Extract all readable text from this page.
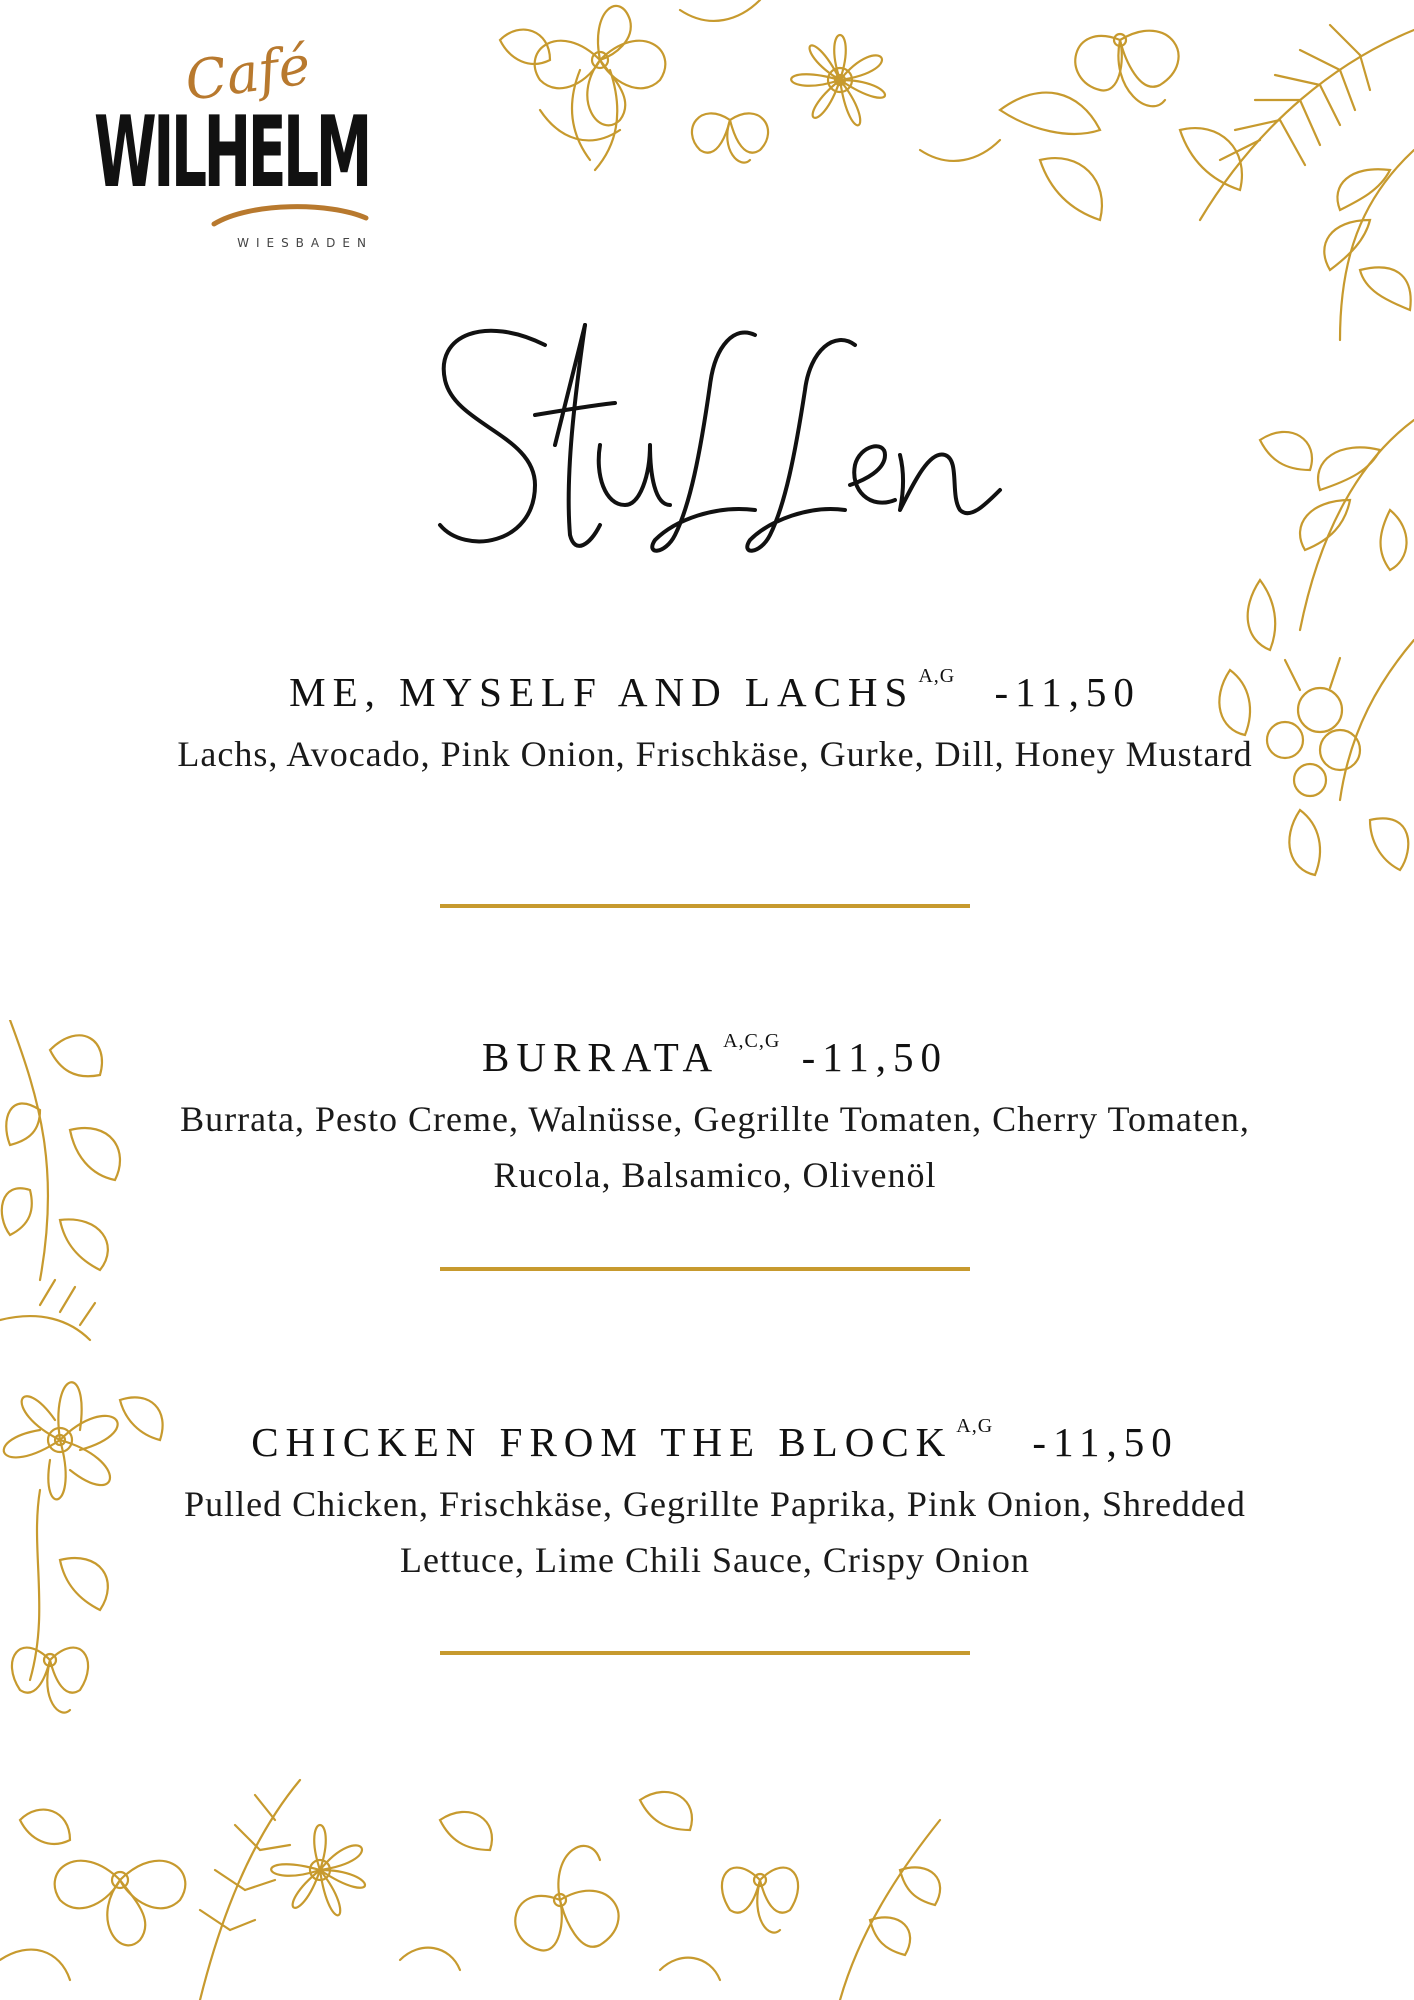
Café
WILHELM
WIESBADEN
ME, MYSELF AND LACHS $^{A,G}$ -11,50
Lachs, Avocado, Pink Onion, Frischkäse, Gurke, Dill, Honey Mustard
BURRATA $^{A,C,G}$ -11,50
Burrata, Pesto Creme, Walnüsse, Gegrillte Tomaten, Cherry Tomaten, Rucola, Balsamico, Olivenöl
CHICKEN FROM THE BLOCK $^{A,G}$ -11,50
Pulled Chicken, Frischkäse, Gegrillte Paprika, Pink Onion, Shredded Lettuce, Lime Chili Sauce, Crispy Onion
